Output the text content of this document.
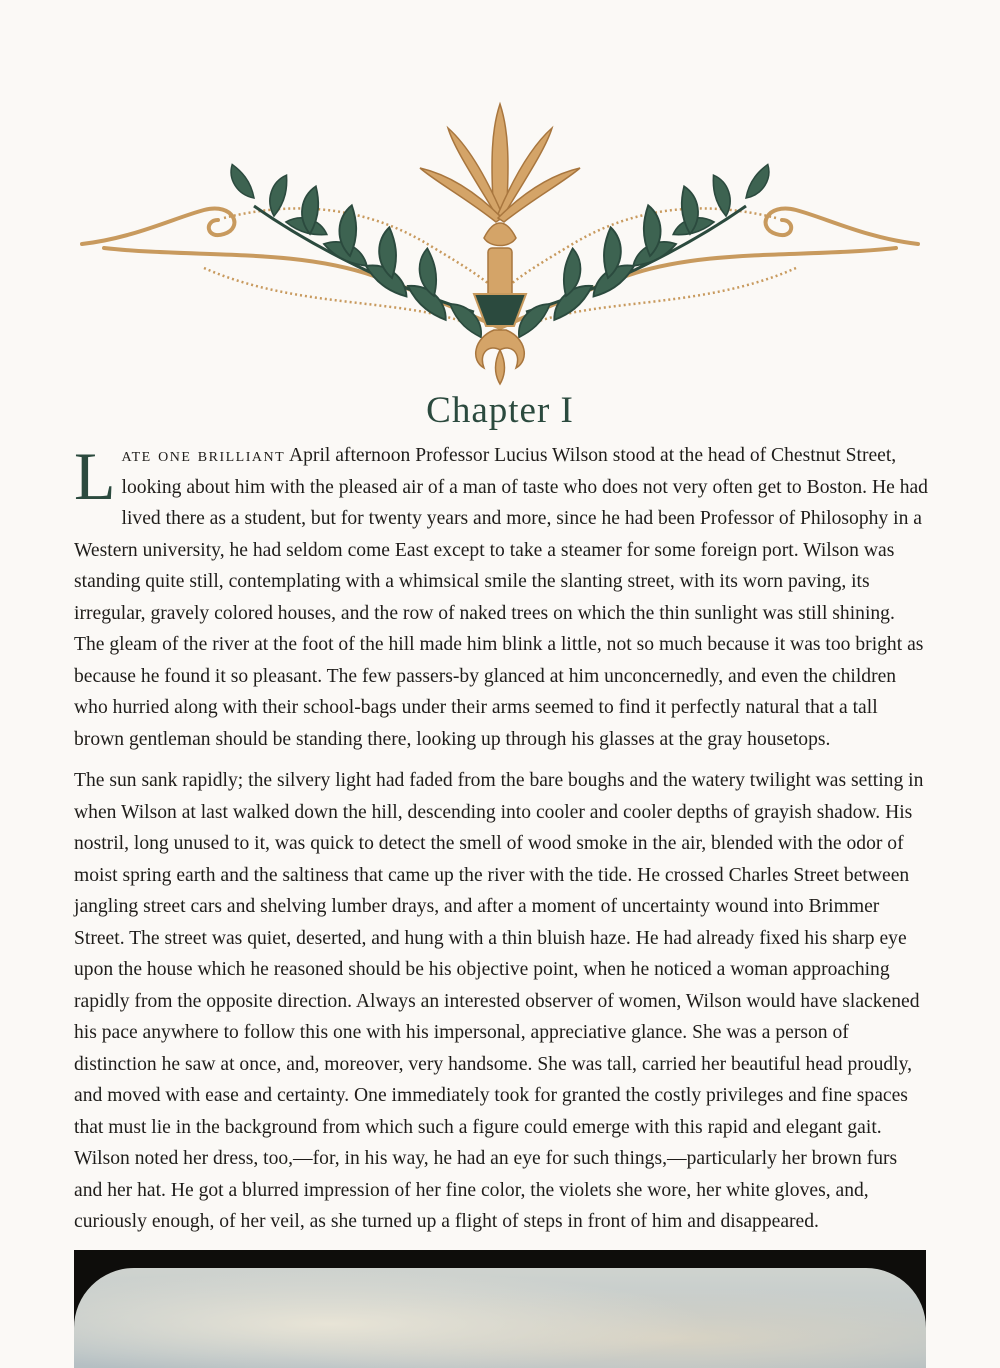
Chapter I

Late one brilliant April afternoon Professor Lucius Wilson stood at the head of Chestnut Street, looking about him with the pleased air of a man of taste who does not very often get to Boston. He had lived there as a student, but for twenty years and more, since he had been Professor of Philosophy in a Western university, he had seldom come East except to take a steamer for some foreign port. Wilson was standing quite still, contemplating with a whimsical smile the slanting street, with its worn paving, its irregular, gravely colored houses, and the row of naked trees on which the thin sunlight was still shining. The gleam of the river at the foot of the hill made him blink a little, not so much because it was too bright as because he found it so pleasant. The few passers-by glanced at him unconcernedly, and even the children who hurried along with their school-bags under their arms seemed to find it perfectly natural that a tall brown gentleman should be standing there, looking up through his glasses at the gray housetops.

The sun sank rapidly; the silvery light had faded from the bare boughs and the watery twilight was setting in when Wilson at last walked down the hill, descending into cooler and cooler depths of grayish shadow. His nostril, long unused to it, was quick to detect the smell of wood smoke in the air, blended with the odor of moist spring earth and the saltiness that came up the river with the tide. He crossed Charles Street between jangling street cars and shelving lumber drays, and after a moment of uncertainty wound into Brimmer Street. The street was quiet, deserted, and hung with a thin bluish haze. He had already fixed his sharp eye upon the house which he reasoned should be his objective point, when he noticed a woman approaching rapidly from the opposite direction. Always an interested observer of women, Wilson would have slackened his pace anywhere to follow this one with his impersonal, appreciative glance. She was a person of distinction he saw at once, and, moreover, very handsome. She was tall, carried her beautiful head proudly, and moved with ease and certainty. One immediately took for granted the costly privileges and fine spaces that must lie in the background from which such a figure could emerge with this rapid and elegant gait. Wilson noted her dress, too,—for, in his way, he had an eye for such things,—particularly her brown furs and her hat. He got a blurred impression of her fine color, the violets she wore, her white gloves, and, curiously enough, of her veil, as she turned up a flight of steps in front of him and disappeared.
